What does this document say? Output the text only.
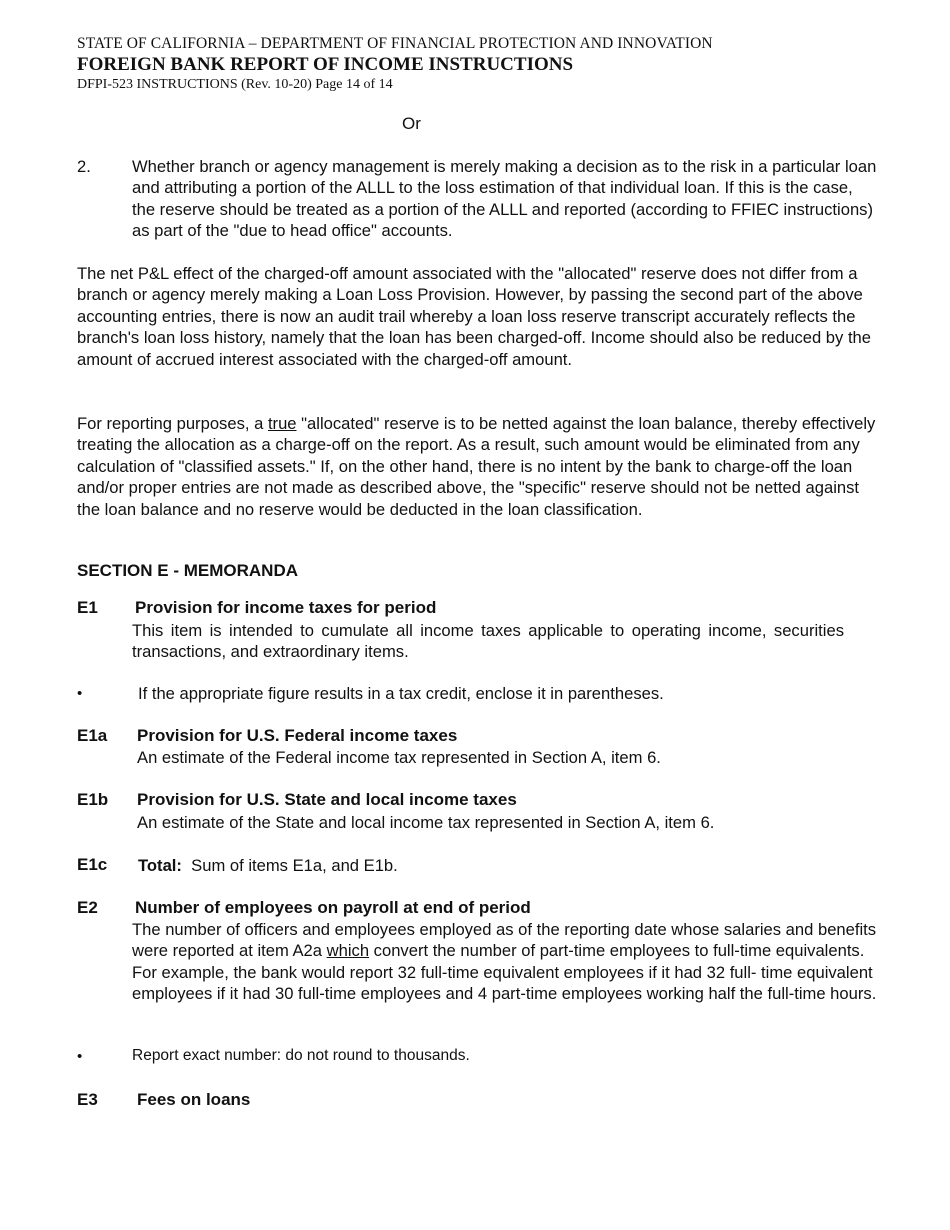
STATE OF CALIFORNIA – DEPARTMENT OF FINANCIAL PROTECTION AND INNOVATION
FOREIGN BANK REPORT OF INCOME INSTRUCTIONS
DFPI-523 INSTRUCTIONS (Rev. 10-20) Page 14 of 14
Or
2. Whether branch or agency management is merely making a decision as to the risk in a particular loan and attributing a portion of the ALLL to the loss estimation of that individual loan. If this is the case, the reserve should be treated as a portion of the ALLL and reported (according to FFIEC instructions) as part of the "due to head office" accounts.
The net P&L effect of the charged-off amount associated with the "allocated" reserve does not differ from a branch or agency merely making a Loan Loss Provision. However, by passing the second part of the above accounting entries, there is now an audit trail whereby a loan loss reserve transcript accurately reflects the branch's loan loss history, namely that the loan has been charged-off. Income should also be reduced by the amount of accrued interest associated with the charged-off amount.
For reporting purposes, a true "allocated" reserve is to be netted against the loan balance, thereby effectively treating the allocation as a charge-off on the report. As a result, such amount would be eliminated from any calculation of "classified assets." If, on the other hand, there is no intent by the bank to charge-off the loan and/or proper entries are not made as described above, the "specific" reserve should not be netted against the loan balance and no reserve would be deducted in the loan classification.
SECTION E - MEMORANDA
E1 Provision for income taxes for period
This item is intended to cumulate all income taxes applicable to operating income, securities transactions, and extraordinary items.
•	If the appropriate figure results in a tax credit, enclose it in parentheses.
E1a Provision for U.S. Federal income taxes
An estimate of the Federal income tax represented in Section A, item 6.
E1b Provision for U.S. State and local income taxes
An estimate of the State and local income tax represented in Section A, item 6.
E1c Total:  Sum of items E1a, and E1b.
E2 Number of employees on payroll at end of period
The number of officers and employees employed as of the reporting date whose salaries and benefits were reported at item A2a which convert the number of part-time employees to full-time equivalents. For example, the bank would report 32 full-time equivalent employees if it had 32 full- time equivalent employees if it had 30 full-time employees and 4 part-time employees working half the full-time hours.
•	Report exact number: do not round to thousands.
E3 Fees on loans
